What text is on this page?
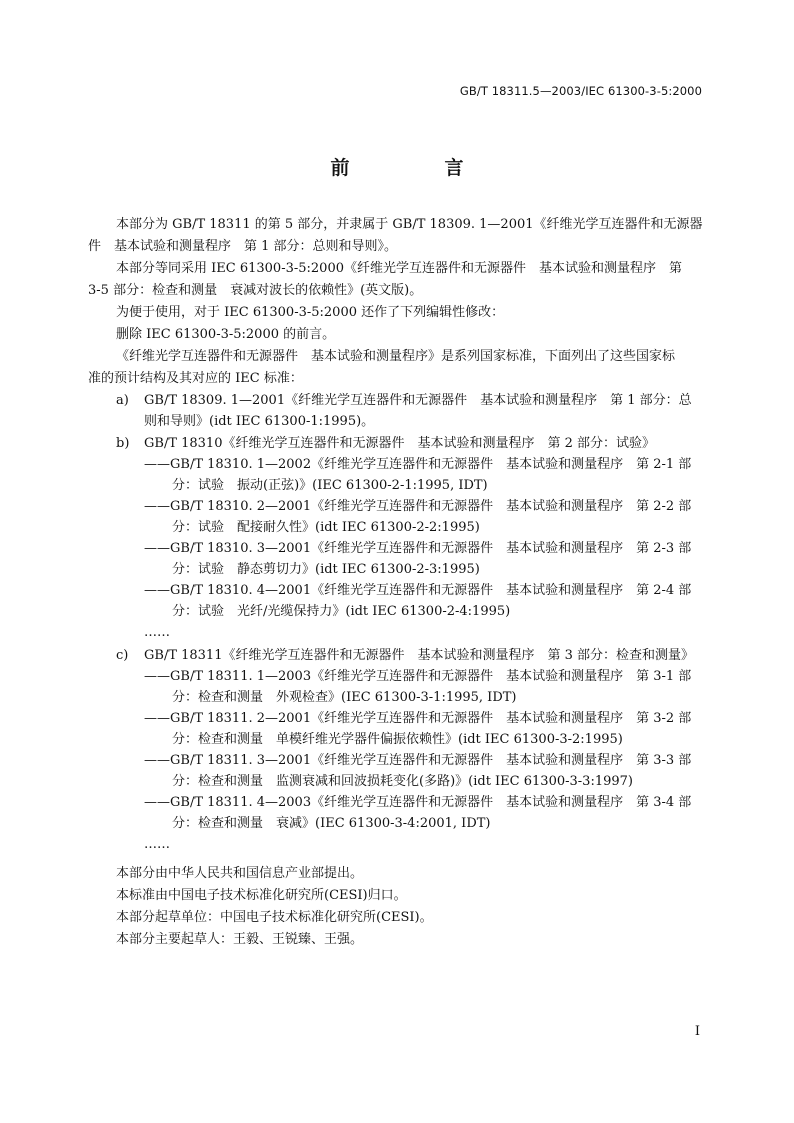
GB/T 18311.5—2003/IEC 61300-3-5:2000
前　言
本部分为 GB/T 18311 的第 5 部分，并隶属于 GB/T 18309. 1—2001《纤维光学互连器件和无源器
件　基本试验和测量程序　第 1 部分：总则和导则》。
本部分等同采用 IEC 61300-3-5:2000《纤维光学互连器件和无源器件　基本试验和测量程序　第
3-5 部分：检查和测量　衰减对波长的依赖性》(英文版)。
为便于使用，对于 IEC 61300-3-5:2000 还作了下列编辑性修改：
删除 IEC 61300-3-5:2000 的前言。
《纤维光学互连器件和无源器件　基本试验和测量程序》是系列国家标准，下面列出了这些国家标
准的预计结构及其对应的 IEC 标准：
a)	GB/T 18309. 1—2001《纤维光学互连器件和无源器件　基本试验和测量程序　第 1 部分：总
则和导则》(idt IEC 61300-1:1995)。
b)	GB/T 18310《纤维光学互连器件和无源器件　基本试验和测量程序　第 2 部分：试验》
——GB/T 18310. 1—2002《纤维光学互连器件和无源器件　基本试验和测量程序　第 2-1 部
分：试验　振动(正弦)》(IEC 61300-2-1:1995, IDT)
——GB/T 18310. 2—2001《纤维光学互连器件和无源器件　基本试验和测量程序　第 2-2 部
分：试验　配接耐久性》(idt IEC 61300-2-2:1995)
——GB/T 18310. 3—2001《纤维光学互连器件和无源器件　基本试验和测量程序　第 2-3 部
分：试验　静态剪切力》(idt IEC 61300-2-3:1995)
——GB/T 18310. 4—2001《纤维光学互连器件和无源器件　基本试验和测量程序　第 2-4 部
分：试验　光纤/光缆保持力》(idt IEC 61300-2-4:1995)
……
c)	GB/T 18311《纤维光学互连器件和无源器件　基本试验和测量程序　第 3 部分：检查和测量》
——GB/T 18311. 1—2003《纤维光学互连器件和无源器件　基本试验和测量程序　第 3-1 部
分：检查和测量　外观检查》(IEC 61300-3-1:1995, IDT)
——GB/T 18311. 2—2001《纤维光学互连器件和无源器件　基本试验和测量程序　第 3-2 部
分：检查和测量　单模纤维光学器件偏振依赖性》(idt IEC 61300-3-2:1995)
——GB/T 18311. 3—2001《纤维光学互连器件和无源器件　基本试验和测量程序　第 3-3 部
分：检查和测量　监测衰减和回波损耗变化(多路)》(idt IEC 61300-3-3:1997)
——GB/T 18311. 4—2003《纤维光学互连器件和无源器件　基本试验和测量程序　第 3-4 部
分：检查和测量　衰减》(IEC 61300-3-4:2001, IDT)
……
本部分由中华人民共和国信息产业部提出。
本标准由中国电子技术标准化研究所(CESI)归口。
本部分起草单位：中国电子技术标准化研究所(CESI)。
本部分主要起草人：王毅、王锐臻、王强。
I
